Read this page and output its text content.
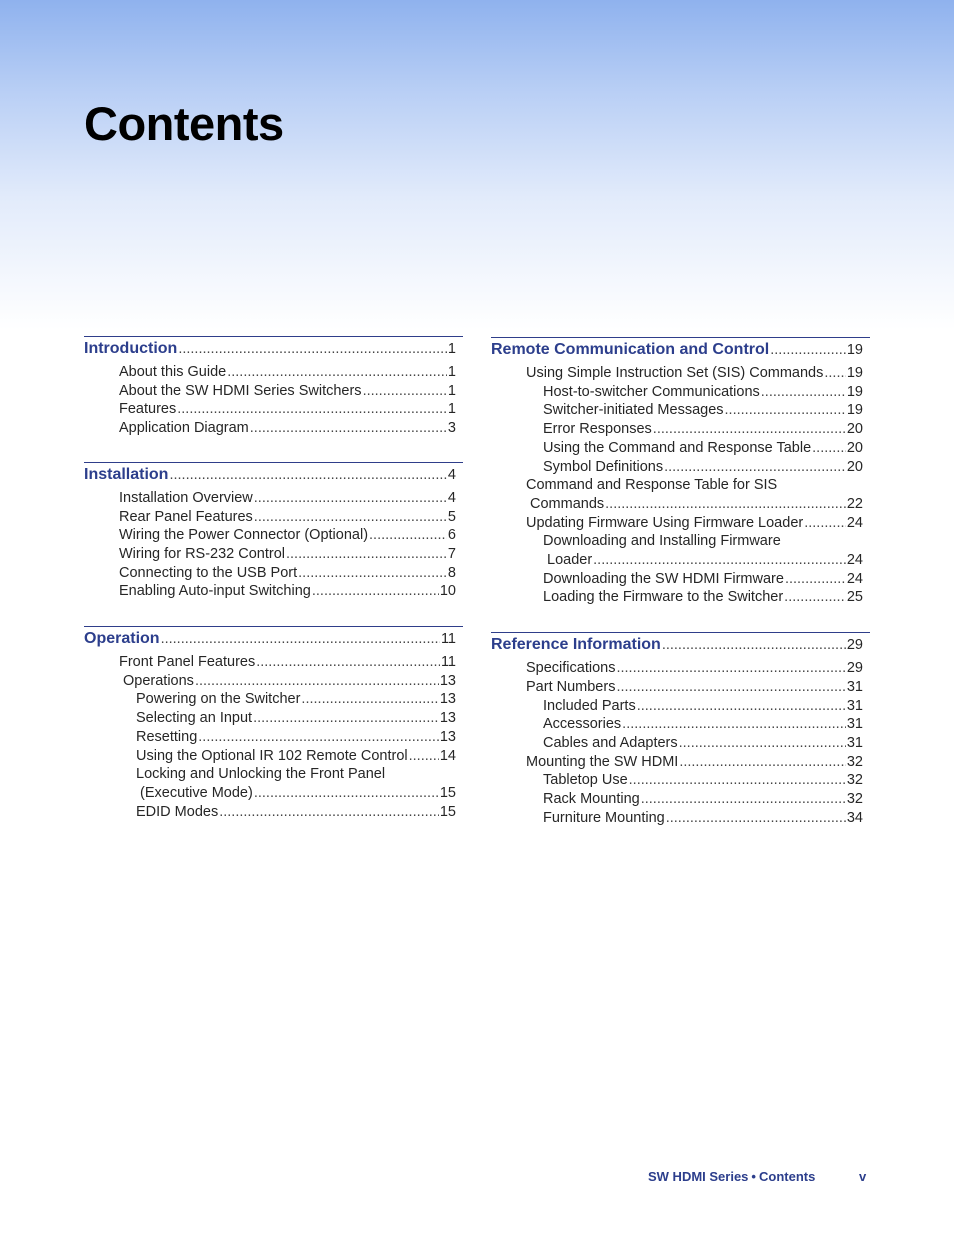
Contents
Introduction .....	1
About this Guide .....	1
About the SW HDMI Series Switchers .....	1
Features .....	1
Application Diagram .....	3
Installation .....	4
Installation Overview .....	4
Rear Panel Features .....	5
Wiring the Power Connector (Optional) .....	6
Wiring for RS-232 Control .....	7
Connecting to the USB Port .....	8
Enabling Auto-input Switching .....	10
Operation .....	11
Front Panel Features .....	11
Operations .....	13
Powering on the Switcher .....	13
Selecting an Input .....	13
Resetting .....	13
Using the Optional IR 102 Remote Control ..... 14
Locking and Unlocking the Front Panel
(Executive Mode) .....	15
EDID Modes .....	15
Remote Communication and Control .....	19
Using Simple Instruction Set (SIS) Commands ..... 19
Host-to-switcher Communications .....	19
Switcher-initiated Messages .....	19
Error Responses .....	20
Using the Command and Response Table ..... 20
Symbol Definitions .....	20
Command and Response Table for SIS
Commands .....	22
Updating Firmware Using Firmware Loader .....	24
Downloading and Installing Firmware
Loader .....	24
Downloading the SW HDMI Firmware .....	24
Loading the Firmware to the Switcher .....	25
Reference Information .....	29
Specifications .....	29
Part Numbers .....	31
Included Parts .....	31
Accessories .....	31
Cables and Adapters .....	31
Mounting the SW HDMI .....	32
Tabletop Use .....	32
Rack Mounting .....	32
Furniture Mounting .....	34
SW HDMI Series • Contents	v
